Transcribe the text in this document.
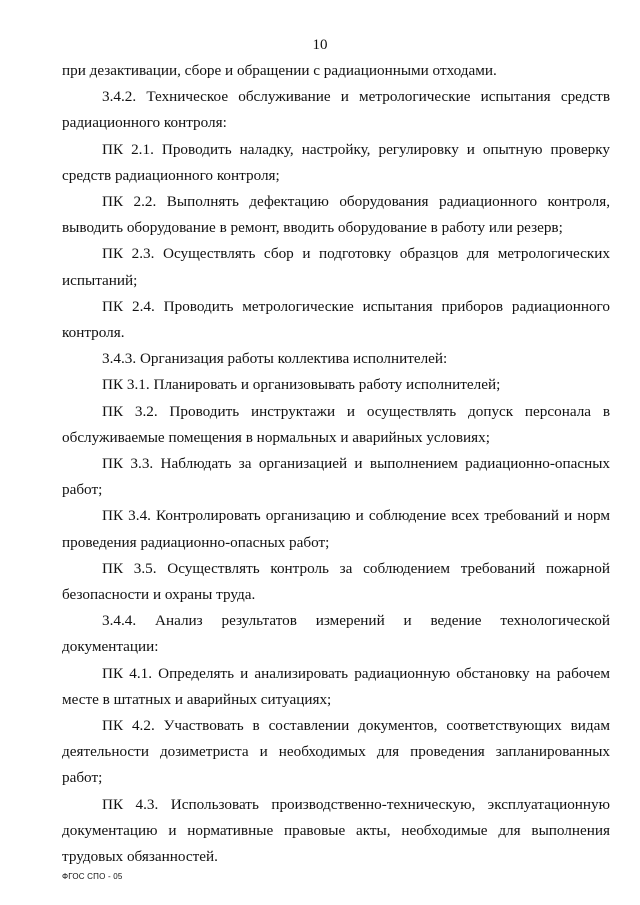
10

при дезактивации, сборе и обращении с радиационными отходами.

3.4.2. Техническое обслуживание и метрологические испытания средств радиационного контроля:

ПК 2.1. Проводить наладку, настройку, регулировку и опытную проверку средств радиационного контроля;

ПК 2.2. Выполнять дефектацию оборудования радиационного контроля, выводить оборудование в ремонт, вводить оборудование в работу или резерв;

ПК 2.3. Осуществлять сбор и подготовку образцов для метрологических испытаний;

ПК 2.4. Проводить метрологические испытания приборов радиационного контроля.

3.4.3. Организация работы коллектива исполнителей:

ПК 3.1. Планировать и организовывать работу исполнителей;

ПК 3.2. Проводить инструктажи и осуществлять допуск персонала в обслуживаемые помещения в нормальных и аварийных условиях;

ПК 3.3. Наблюдать за организацией и выполнением радиационно-опасных работ;

ПК 3.4. Контролировать организацию и соблюдение всех требований и норм проведения радиационно-опасных работ;

ПК 3.5. Осуществлять контроль за соблюдением требований пожарной безопасности и охраны труда.

3.4.4. Анализ результатов измерений и ведение технологической документации:

ПК 4.1. Определять и анализировать радиационную обстановку на рабочем месте в штатных и аварийных ситуациях;

ПК 4.2. Участвовать в составлении документов, соответствующих видам деятельности дозиметриста и необходимых для проведения запланированных работ;

ПК 4.3. Использовать производственно-техническую, эксплуатационную документацию и нормативные правовые акты, необходимые для выполнения трудовых обязанностей.

ФГОС СПО - 05
